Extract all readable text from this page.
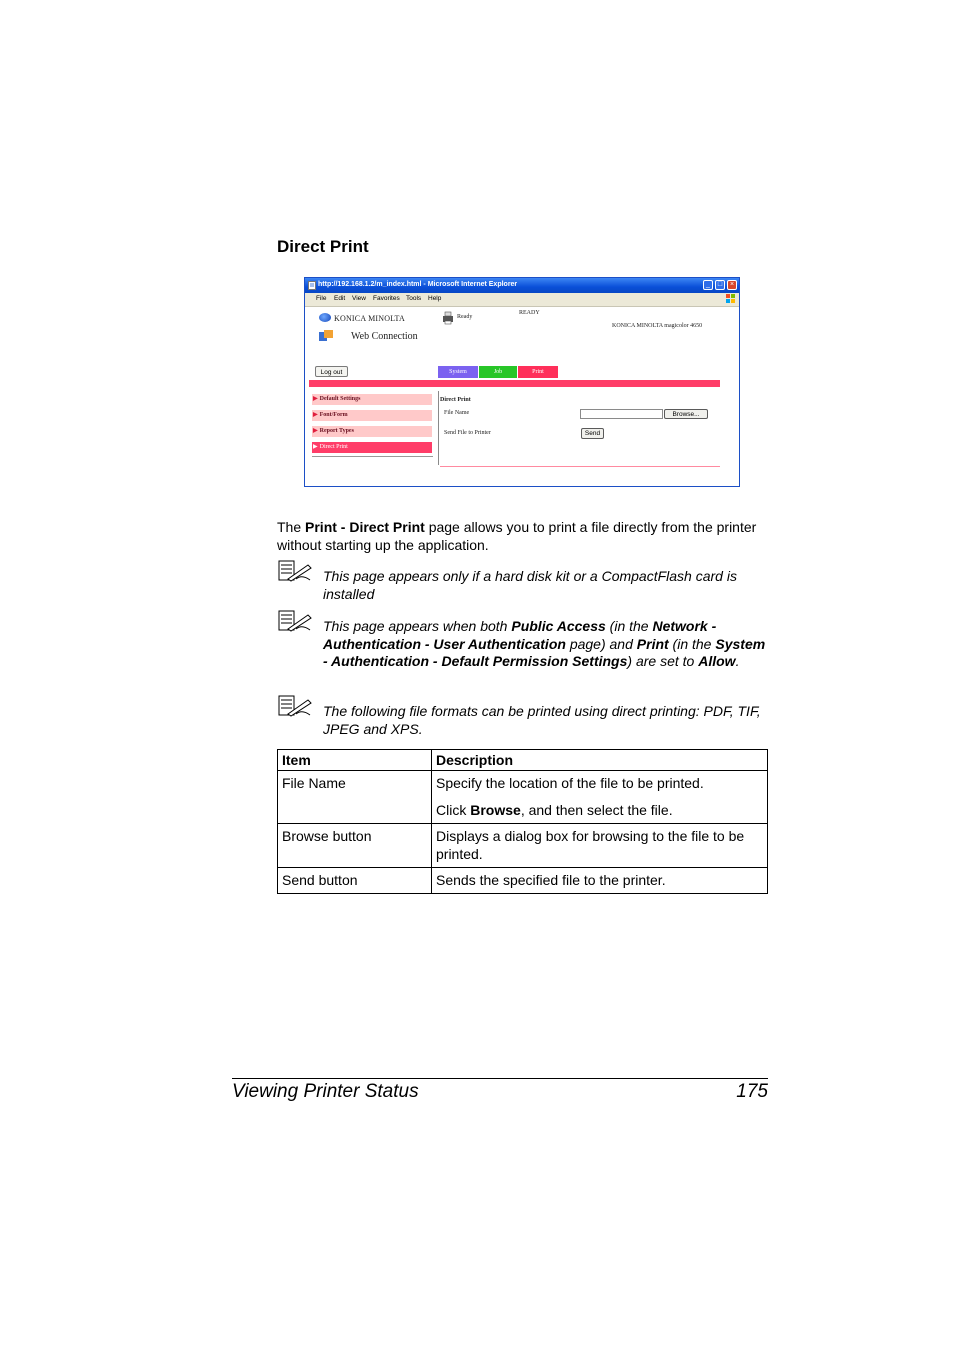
Direct Print
http://192.168.1.2/m_index.html - Microsoft Internet Explorer	_	□	×
File Edit View Favorites Tools Help
KONICA MINOLTA
Web Connection
Ready
READY
KONICA MINOLTA magicolor 4650
Log out	System	Job	Print
▶ Default Settings
▶ Font/Form
▶ Report Types
▶ Direct Print
Direct Print
File Name
Send File to Printer
Browse...
Send
The Print - Direct Print page allows you to print a file directly from the printer without starting up the application.
This page appears only if a hard disk kit or a CompactFlash card is installed
This page appears when both Public Access (in the Network - Authentication - User Authentication page) and Print (in the System - Authentication - Default Permission Settings) are set to Allow.
The following file formats can be printed using direct printing: PDF, TIF, JPEG and XPS.
Item	Description
File Name	Specify the location of the file to be printed.

Click Browse, and then select the file.

Browse button	Displays a dialog box for browsing to the file to be printed.
Send button	Sends the specified file to the printer.
Viewing Printer Status	175
